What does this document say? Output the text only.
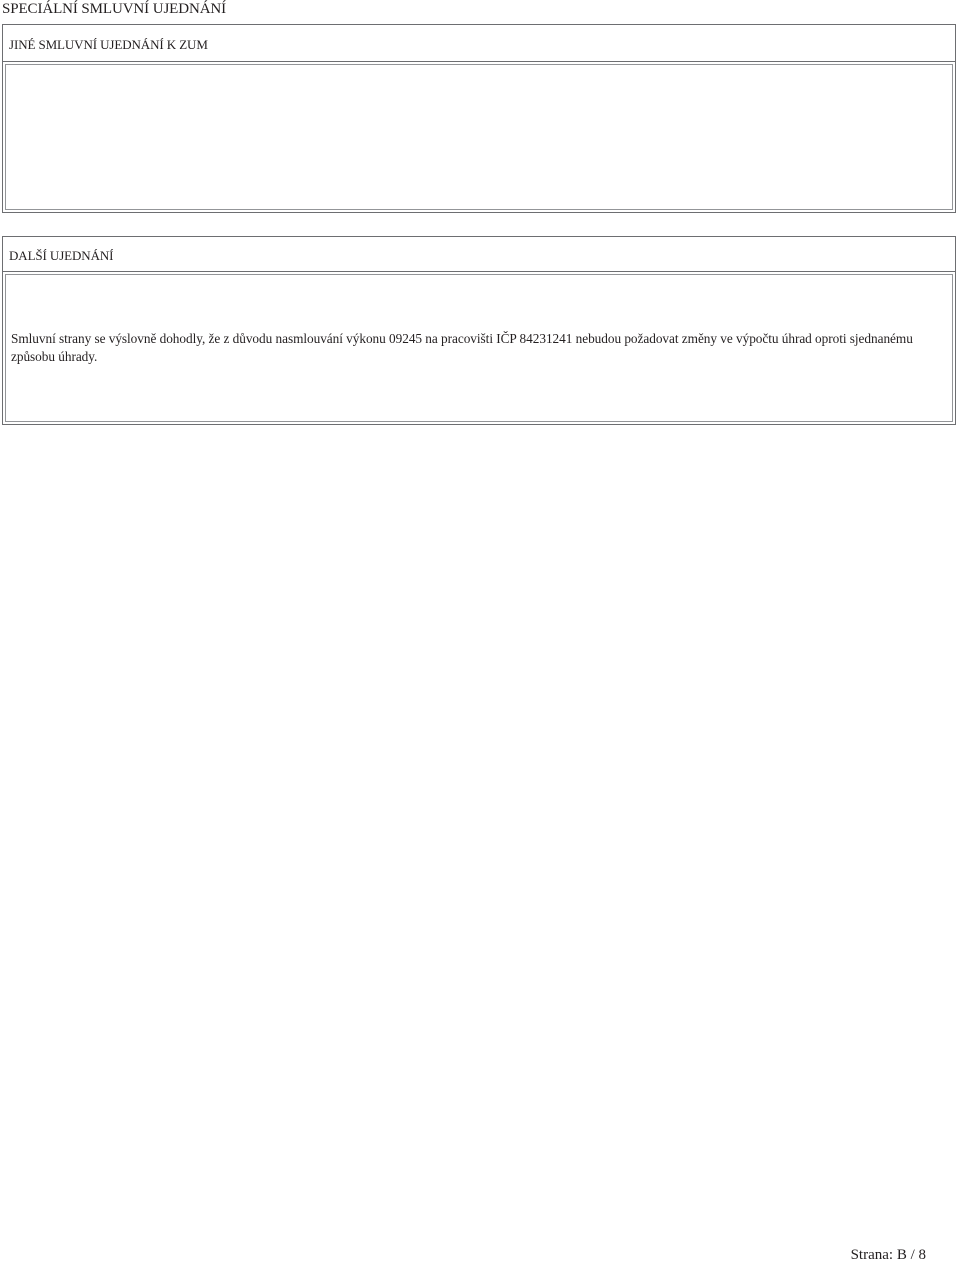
SPECIÁLNÍ SMLUVNÍ UJEDNÁNÍ
JINÉ SMLUVNÍ UJEDNÁNÍ K ZUM
DALŠÍ UJEDNÁNÍ
Smluvní strany se výslovně dohodly, že z důvodu nasmlouvání výkonu 09245 na pracovišti IČP 84231241 nebudou požadovat změny ve výpočtu úhrad oproti sjednanému způsobu úhrady.
Strana: B / 8
